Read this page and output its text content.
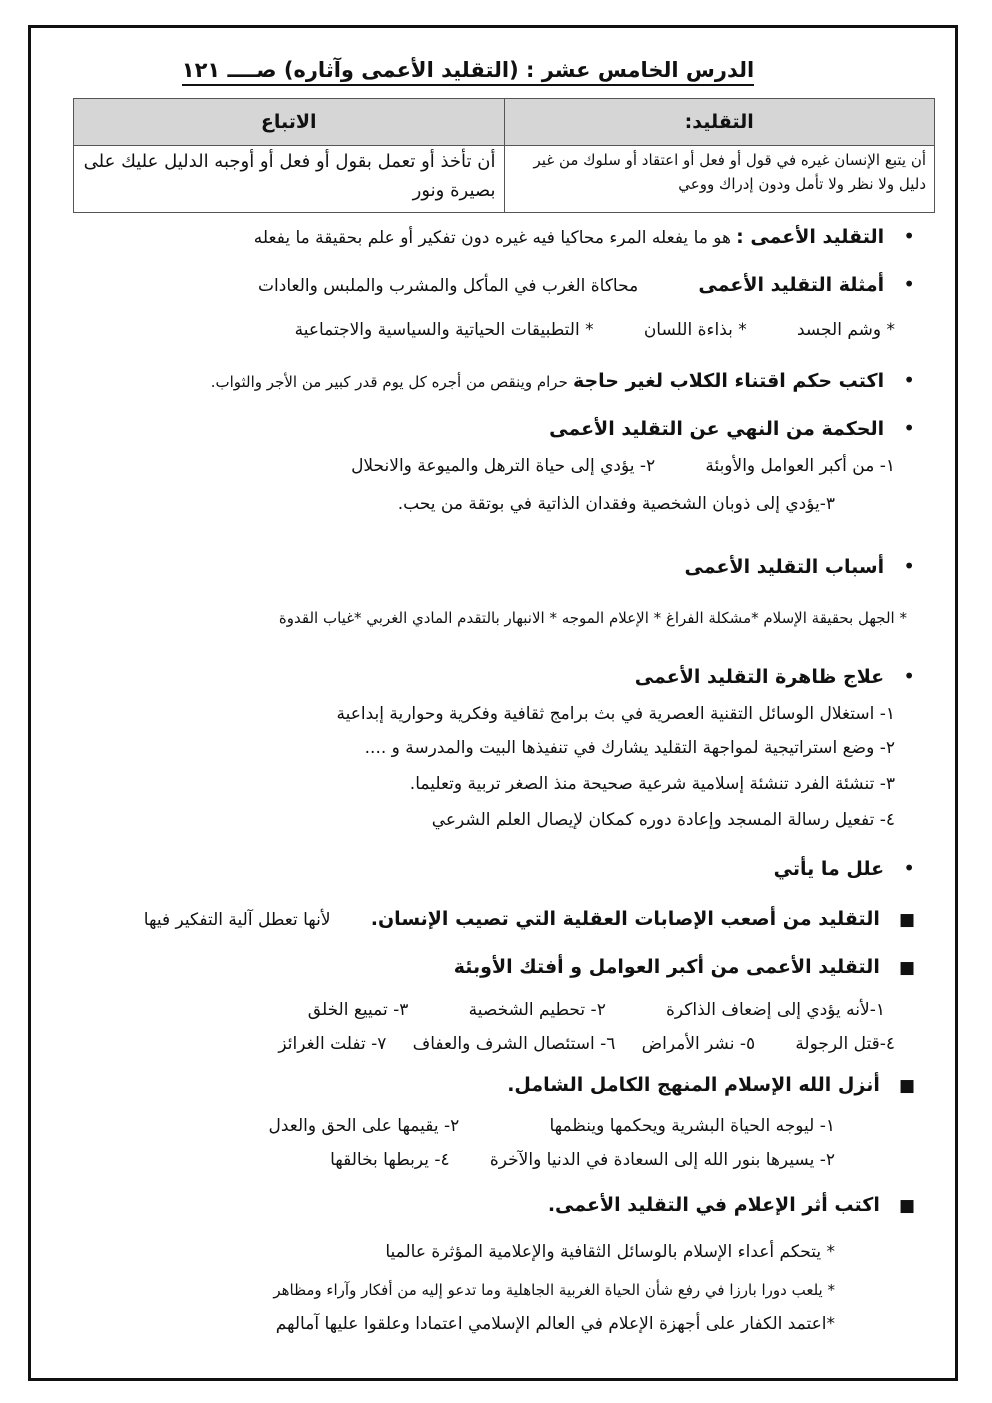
الدرس الخامس عشر : (التقليد الأعمى وآثاره) صــــ ١٢١
التقليد:	الاتباع
أن يتبع الإنسان غيره في قول أو فعل أو اعتقاد أو سلوك من غير دليل ولا نظر ولا تأمل ودون إدراك ووعي	أن تأخذ أو تعمل بقول أو فعل أو أوجبه الدليل عليك على بصيرة ونور
• التقليد الأعمى : هو ما يفعله المرء محاكيا فيه غيره دون تفكير أو علم بحقيقة ما يفعله
• أمثلة التقليد الأعمى  محاكاة الغرب في المأكل والمشرب والملبس والعادات
* وشم الجسد  * بذاءة اللسان  * التطبيقات الحياتية والسياسية والاجتماعية
• اكتب حكم اقتناء الكلاب لغير حاجة حرام وينقص من أجره كل يوم قدر كبير من الأجر والثواب.
• الحكمة من النهي عن التقليد الأعمى
١- من أكبر العوامل والأوبئة  ٢- يؤدي إلى حياة الترهل والميوعة والانحلال
٣-يؤدي إلى ذوبان الشخصية وفقدان الذاتية في بوتقة من يحب.
• أسباب التقليد الأعمى
* الجهل بحقيقة الإسلام *مشكلة الفراغ * الإعلام الموجه * الانبهار بالتقدم المادي الغربي *غياب القدوة
• علاج ظاهرة التقليد الأعمى
١- استغلال الوسائل التقنية العصرية في بث برامج ثقافية وفكرية وحوارية إبداعية
٢- وضع استراتيجية لمواجهة التقليد يشارك في تنفيذها البيت والمدرسة و ....
٣- تنشئة الفرد تنشئة إسلامية شرعية صحيحة منذ الصغر تربية وتعليما.
٤- تفعيل رسالة المسجد وإعادة دوره كمكان لإيصال العلم الشرعي
• علل ما يأتي
■ التقليد من أصعب الإصابات العقلية التي تصيب الإنسان.  لأنها تعطل آلية التفكير فيها
■ التقليد الأعمى من أكبر العوامل و أفتك الأوبئة
١-لأنه يؤدي إلى إضعاف الذاكرة  ٢- تحطيم الشخصية  ٣- تمييع الخلق
٤-قتل الرجولة  ٥- نشر الأمراض  ٦- استئصال الشرف والعفاف  ٧- تفلت الغرائز
■ أنزل الله الإسلام المنهج الكامل الشامل.
١- ليوجه الحياة البشرية ويحكمها وينظمها  ٢- يقيمها على الحق والعدل
٢- يسيرها بنور الله إلى السعادة في الدنيا والآخرة  ٤- يربطها بخالقها
■ اكتب أثر الإعلام في التقليد الأعمى.
* يتحكم أعداء الإسلام بالوسائل الثقافية والإعلامية المؤثرة عالميا
* يلعب دورا بارزا في رفع شأن الحياة الغربية الجاهلية وما تدعو إليه من أفكار وآراء ومظاهر
*اعتمد الكفار على أجهزة الإعلام في العالم الإسلامي اعتمادا وعلقوا عليها آمالهم
